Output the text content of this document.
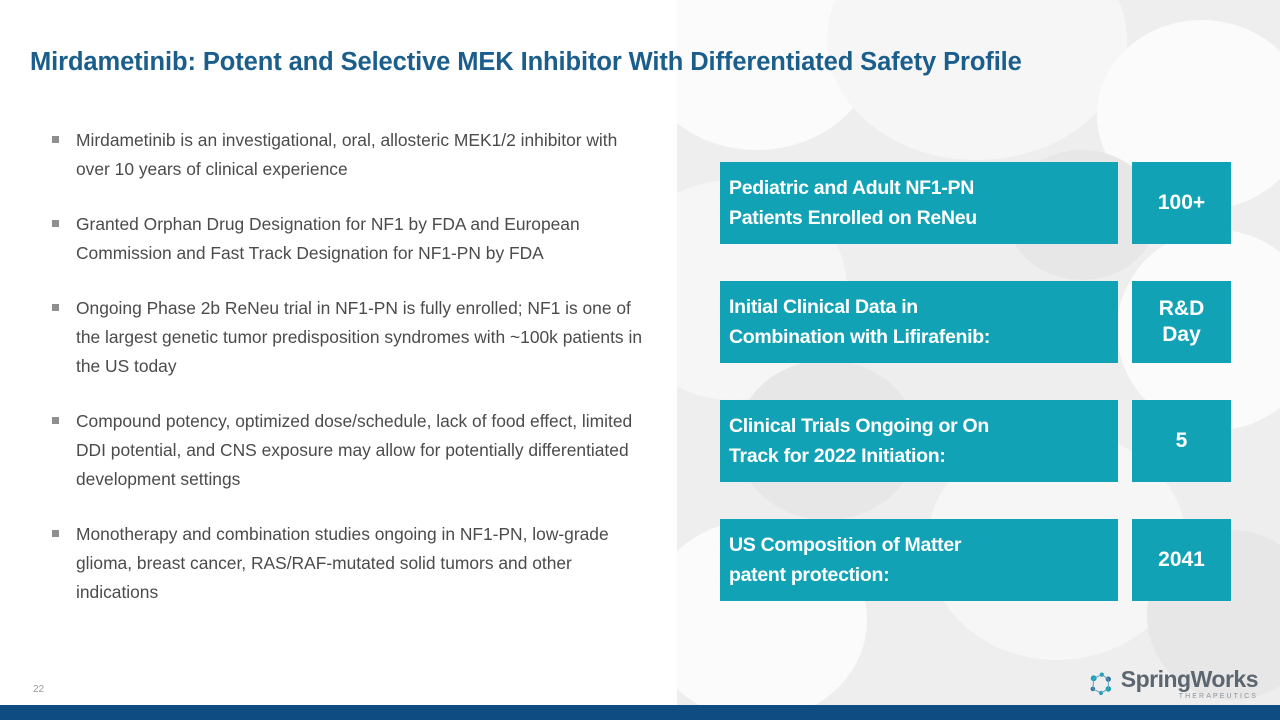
Mirdametinib: Potent and Selective MEK Inhibitor With Differentiated Safety Profile
Mirdametinib is an investigational, oral, allosteric MEK1/2 inhibitor with over 10 years of clinical experience
Granted Orphan Drug Designation for NF1 by FDA and European Commission and Fast Track Designation for NF1-PN by FDA
Ongoing Phase 2b ReNeu trial in NF1-PN is fully enrolled; NF1 is one of the largest genetic tumor predisposition syndromes with ~100k patients in the US today
Compound potency, optimized dose/schedule, lack of food effect, limited DDI potential, and CNS exposure may allow for potentially differentiated development settings
Monotherapy and combination studies ongoing in NF1-PN, low-grade glioma, breast cancer, RAS/RAF-mutated solid tumors and other indications
Pediatric and Adult NF1-PN
Patients Enrolled on ReNeu
100+
Initial Clinical Data in
Combination with Lifirafenib:
R&D
Day
Clinical Trials Ongoing or On
Track for 2022 Initiation:
5
US Composition of Matter
patent protection:
2041
22	SpringWorks
THERAPEUTICS
